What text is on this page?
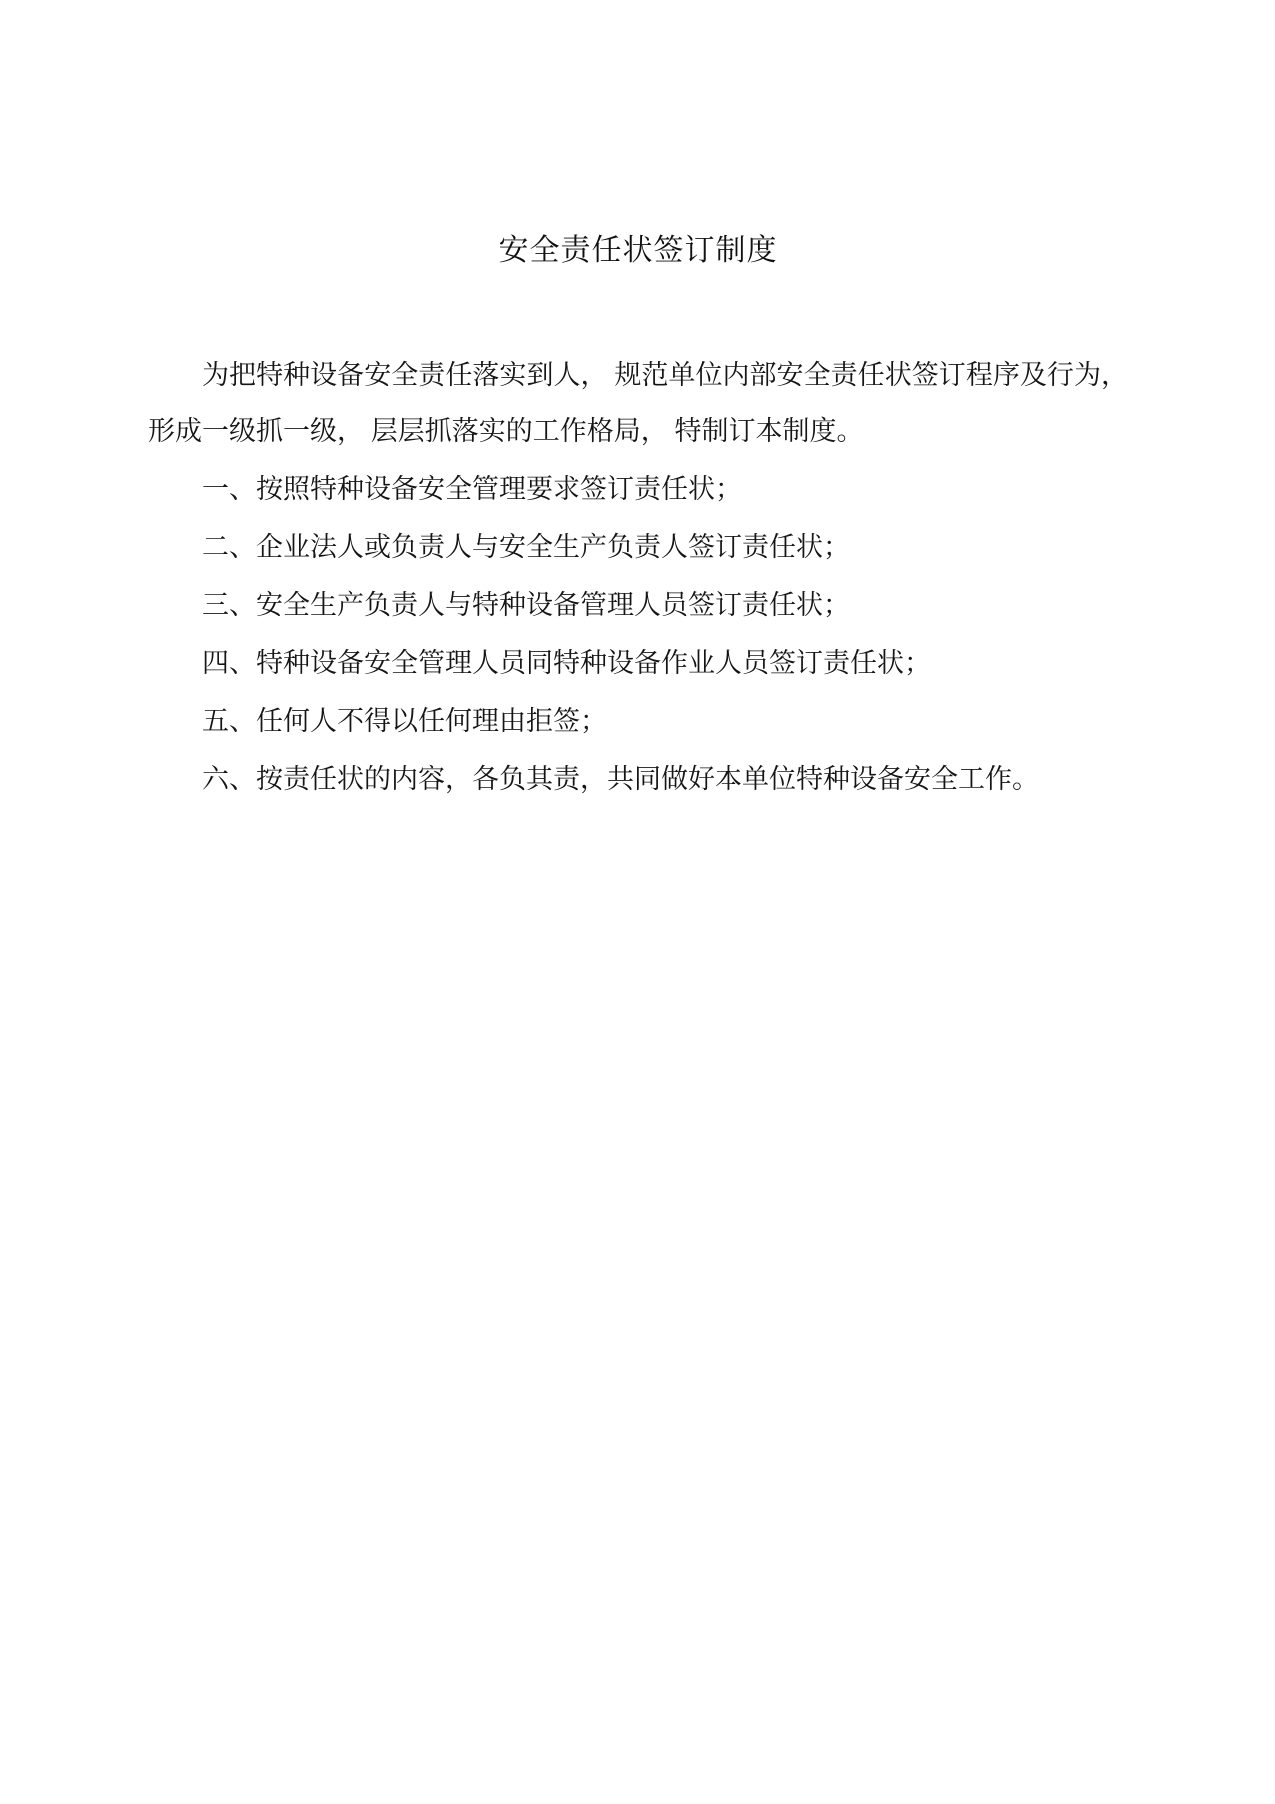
安全责任状签订制度

为把特种设备安全责任落实到人， 规范单位内部安全责任状签订程序及行为， 形成一级抓一级， 层层抓落实的工作格局， 特制订本制度。

一、按照特种设备安全管理要求签订责任状；

二、企业法人或负责人与安全生产负责人签订责任状；

三、安全生产负责人与特种设备管理人员签订责任状；

四、特种设备安全管理人员同特种设备作业人员签订责任状；

五、任何人不得以任何理由拒签；

六、按责任状的内容，各负其责，共同做好本单位特种设备安全工作。
